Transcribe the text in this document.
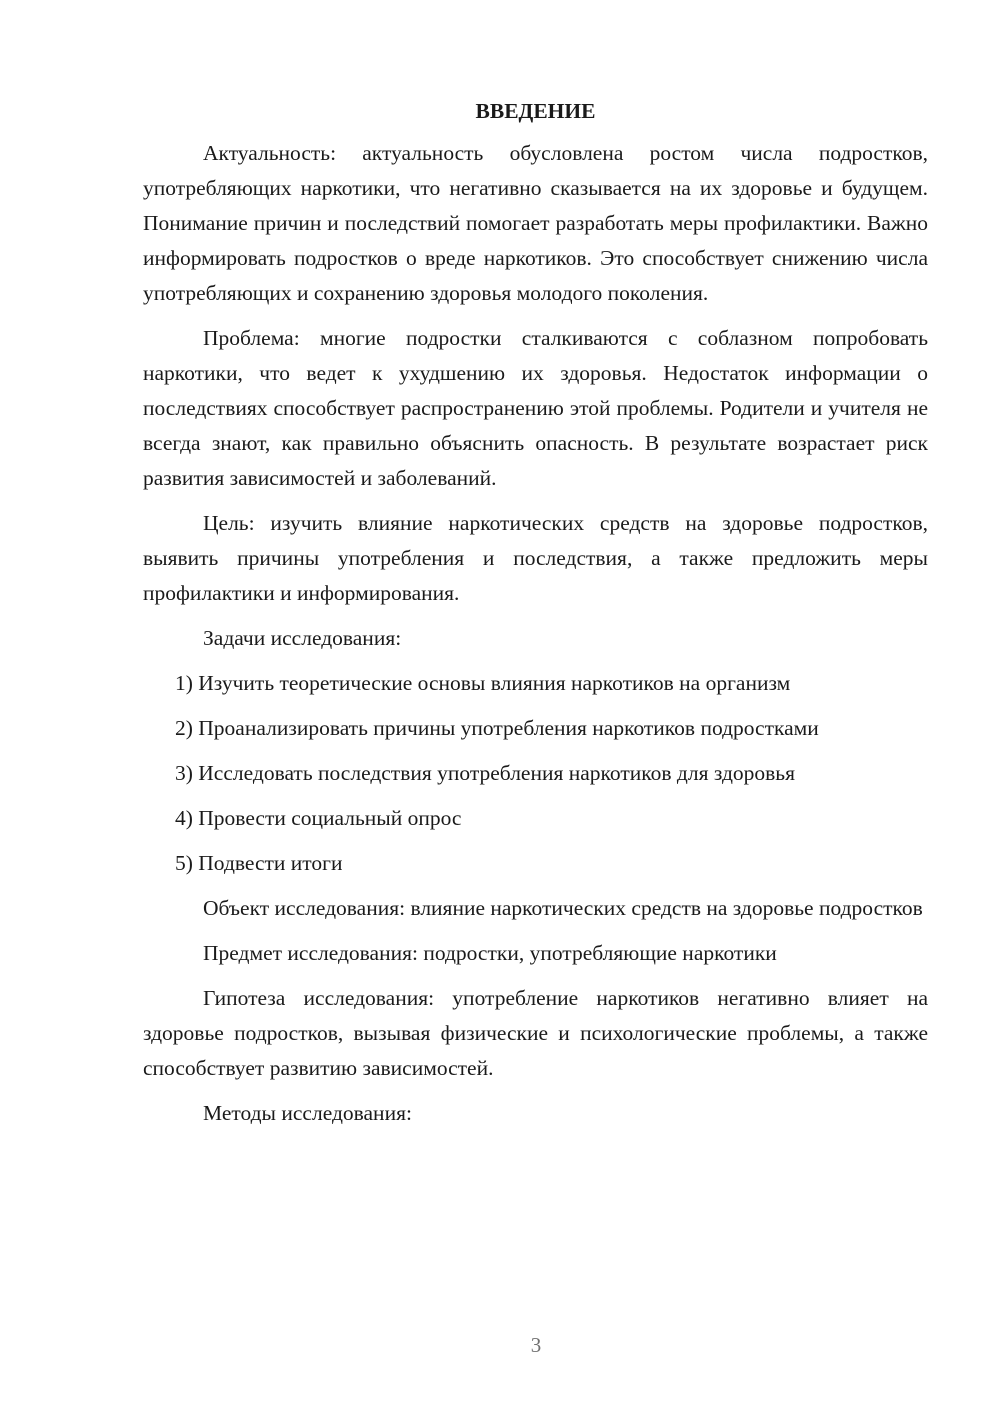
ВВЕДЕНИЕ

Актуальность: актуальность обусловлена ростом числа подростков, употребляющих наркотики, что негативно сказывается на их здоровье и будущем. Понимание причин и последствий помогает разработать меры профилактики. Важно информировать подростков о вреде наркотиков. Это способствует снижению числа употребляющих и сохранению здоровья молодого поколения.

Проблема: многие подростки сталкиваются с соблазном попробовать наркотики, что ведет к ухудшению их здоровья. Недостаток информации о последствиях способствует распространению этой проблемы. Родители и учителя не всегда знают, как правильно объяснить опасность. В результате возрастает риск развития зависимостей и заболеваний.

Цель: изучить влияние наркотических средств на здоровье подростков, выявить причины употребления и последствия, а также предложить меры профилактики и информирования.

Задачи исследования:

1) Изучить теоретические основы влияния наркотиков на организм

2) Проанализировать причины употребления наркотиков подростками

3) Исследовать последствия употребления наркотиков для здоровья

4) Провести социальный опрос

5) Подвести итоги

Объект исследования: влияние наркотических средств на здоровье подростков

Предмет исследования: подростки, употребляющие наркотики

Гипотеза исследования: употребление наркотиков негативно влияет на здоровье подростков, вызывая физические и психологические проблемы, а также способствует развитию зависимостей.

Методы исследования:

3
